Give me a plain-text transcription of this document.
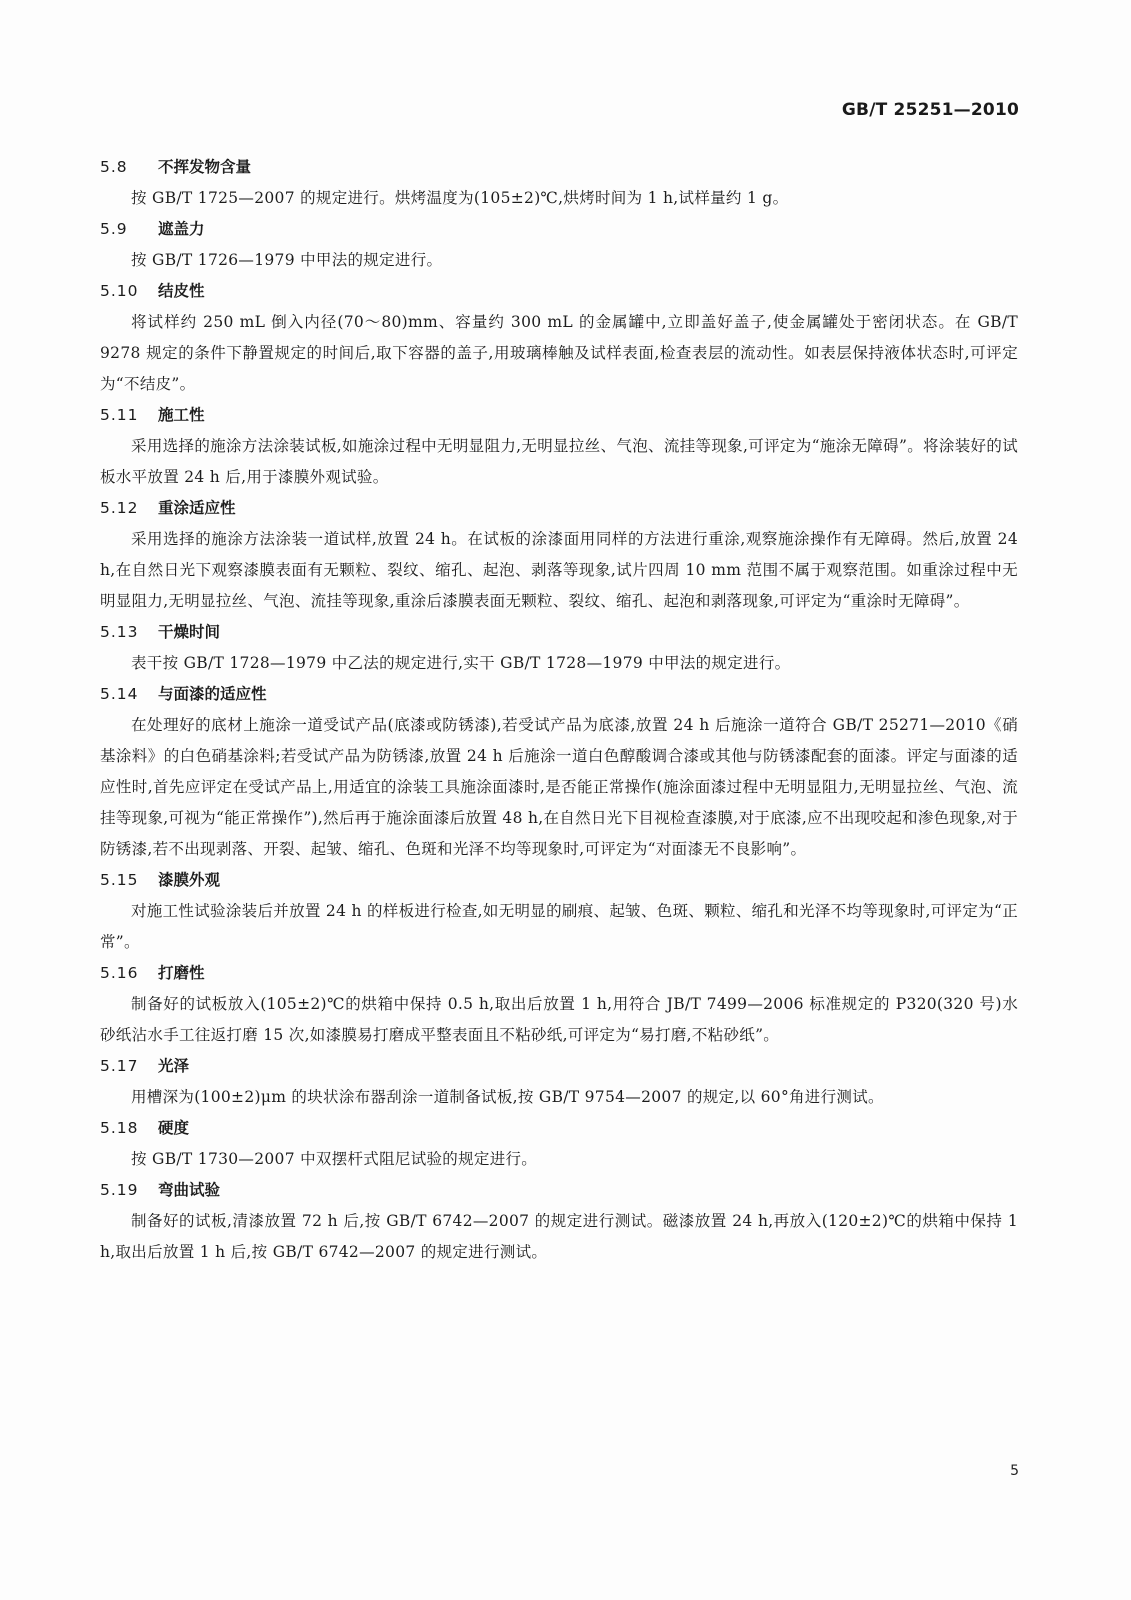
GB/T 25251—2010
5.8 不挥发物含量

按 GB/T 1725—2007 的规定进行。烘烤温度为(105±2)℃,烘烤时间为 1 h,试样量约 1 g。

5.9 遮盖力

按 GB/T 1726—1979 中甲法的规定进行。

5.10 结皮性

将试样约 250 mL 倒入内径(70～80)mm、容量约 300 mL 的金属罐中,立即盖好盖子,使金属罐处于密闭状态。在 GB/T 9278 规定的条件下静置规定的时间后,取下容器的盖子,用玻璃棒触及试样表面,检查表层的流动性。如表层保持液体状态时,可评定为“不结皮”。

5.11 施工性

采用选择的施涂方法涂装试板,如施涂过程中无明显阻力,无明显拉丝、气泡、流挂等现象,可评定为“施涂无障碍”。将涂装好的试板水平放置 24 h 后,用于漆膜外观试验。

5.12 重涂适应性

采用选择的施涂方法涂装一道试样,放置 24 h。在试板的涂漆面用同样的方法进行重涂,观察施涂操作有无障碍。然后,放置 24 h,在自然日光下观察漆膜表面有无颗粒、裂纹、缩孔、起泡、剥落等现象,试片四周 10 mm 范围不属于观察范围。如重涂过程中无明显阻力,无明显拉丝、气泡、流挂等现象,重涂后漆膜表面无颗粒、裂纹、缩孔、起泡和剥落现象,可评定为“重涂时无障碍”。

5.13 干燥时间

表干按 GB/T 1728—1979 中乙法的规定进行,实干 GB/T 1728—1979 中甲法的规定进行。

5.14 与面漆的适应性

在处理好的底材上施涂一道受试产品(底漆或防锈漆),若受试产品为底漆,放置 24 h 后施涂一道符合 GB/T 25271—2010《硝基涂料》的白色硝基涂料;若受试产品为防锈漆,放置 24 h 后施涂一道白色醇酸调合漆或其他与防锈漆配套的面漆。评定与面漆的适应性时,首先应评定在受试产品上,用适宜的涂装工具施涂面漆时,是否能正常操作(施涂面漆过程中无明显阻力,无明显拉丝、气泡、流挂等现象,可视为“能正常操作”),然后再于施涂面漆后放置 48 h,在自然日光下目视检查漆膜,对于底漆,应不出现咬起和渗色现象,对于防锈漆,若不出现剥落、开裂、起皱、缩孔、色斑和光泽不均等现象时,可评定为“对面漆无不良影响”。

5.15 漆膜外观

对施工性试验涂装后并放置 24 h 的样板进行检查,如无明显的刷痕、起皱、色斑、颗粒、缩孔和光泽不均等现象时,可评定为“正常”。

5.16 打磨性

制备好的试板放入(105±2)℃的烘箱中保持 0.5 h,取出后放置 1 h,用符合 JB/T 7499—2006 标准规定的 P320(320 号)水砂纸沾水手工往返打磨 15 次,如漆膜易打磨成平整表面且不粘砂纸,可评定为“易打磨,不粘砂纸”。

5.17 光泽

用槽深为(100±2)μm 的块状涂布器刮涂一道制备试板,按 GB/T 9754—2007 的规定,以 60°角进行测试。

5.18 硬度

按 GB/T 1730—2007 中双摆杆式阻尼试验的规定进行。

5.19 弯曲试验

制备好的试板,清漆放置 72 h 后,按 GB/T 6742—2007 的规定进行测试。磁漆放置 24 h,再放入(120±2)℃的烘箱中保持 1 h,取出后放置 1 h 后,按 GB/T 6742—2007 的规定进行测试。

5
